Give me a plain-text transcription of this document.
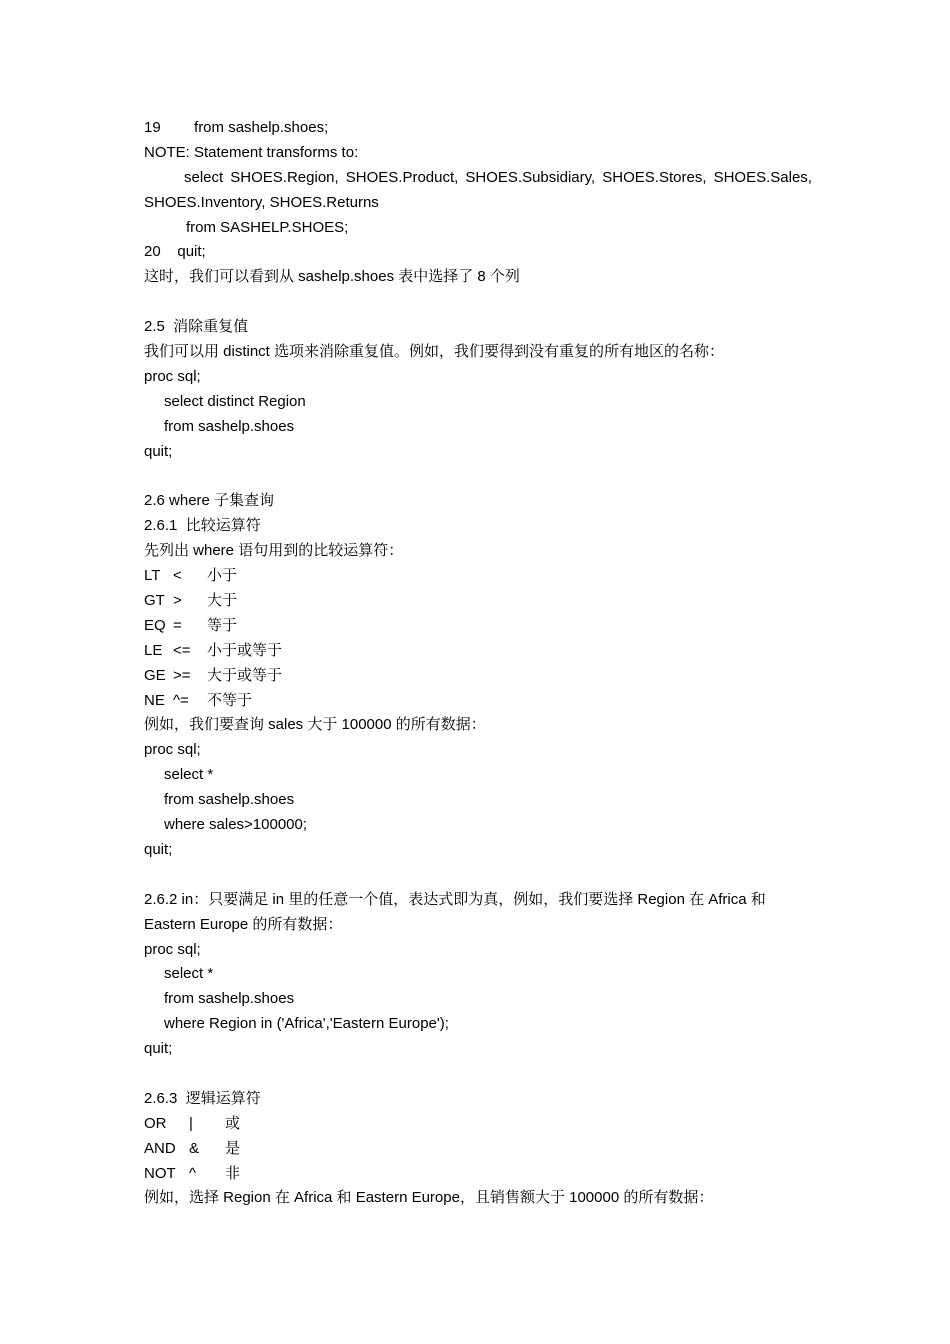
19        from sashelp.shoes;
NOTE: Statement transforms to:
select SHOES.Region, SHOES.Product, SHOES.Subsidiary, SHOES.Stores, SHOES.Sales,
SHOES.Inventory, SHOES.Returns
from SASHELP.SHOES;
20    quit;
这时，我们可以看到从 sashelp.shoes 表中选择了 8 个列
2.5  消除重复值
我们可以用 distinct 选项来消除重复值。例如，我们要得到没有重复的所有地区的名称：
proc sql;
select distinct Region
from sashelp.shoes
quit;
2.6 where 子集查询
2.6.1  比较运算符
先列出 where 语句用到的比较运算符：
LT	<	小于
GT	>	大于
EQ	=	等于
LE	<=	小于或等于
GE	>=	大于或等于
NE	^=	不等于
例如，我们要查询 sales 大于 100000 的所有数据：
proc sql;
select *
from sashelp.shoes
where sales>100000;
quit;
2.6.2 in：只要满足 in 里的任意一个值，表达式即为真，例如，我们要选择 Region 在 Africa 和 Eastern Europe 的所有数据：
proc sql;
select *
from sashelp.shoes
where Region in ('Africa','Eastern Europe');
quit;
2.6.3  逻辑运算符
OR	|	或
AND	&	是
NOT	^	非
例如，选择 Region 在 Africa 和 Eastern Europe，且销售额大于 100000 的所有数据：
